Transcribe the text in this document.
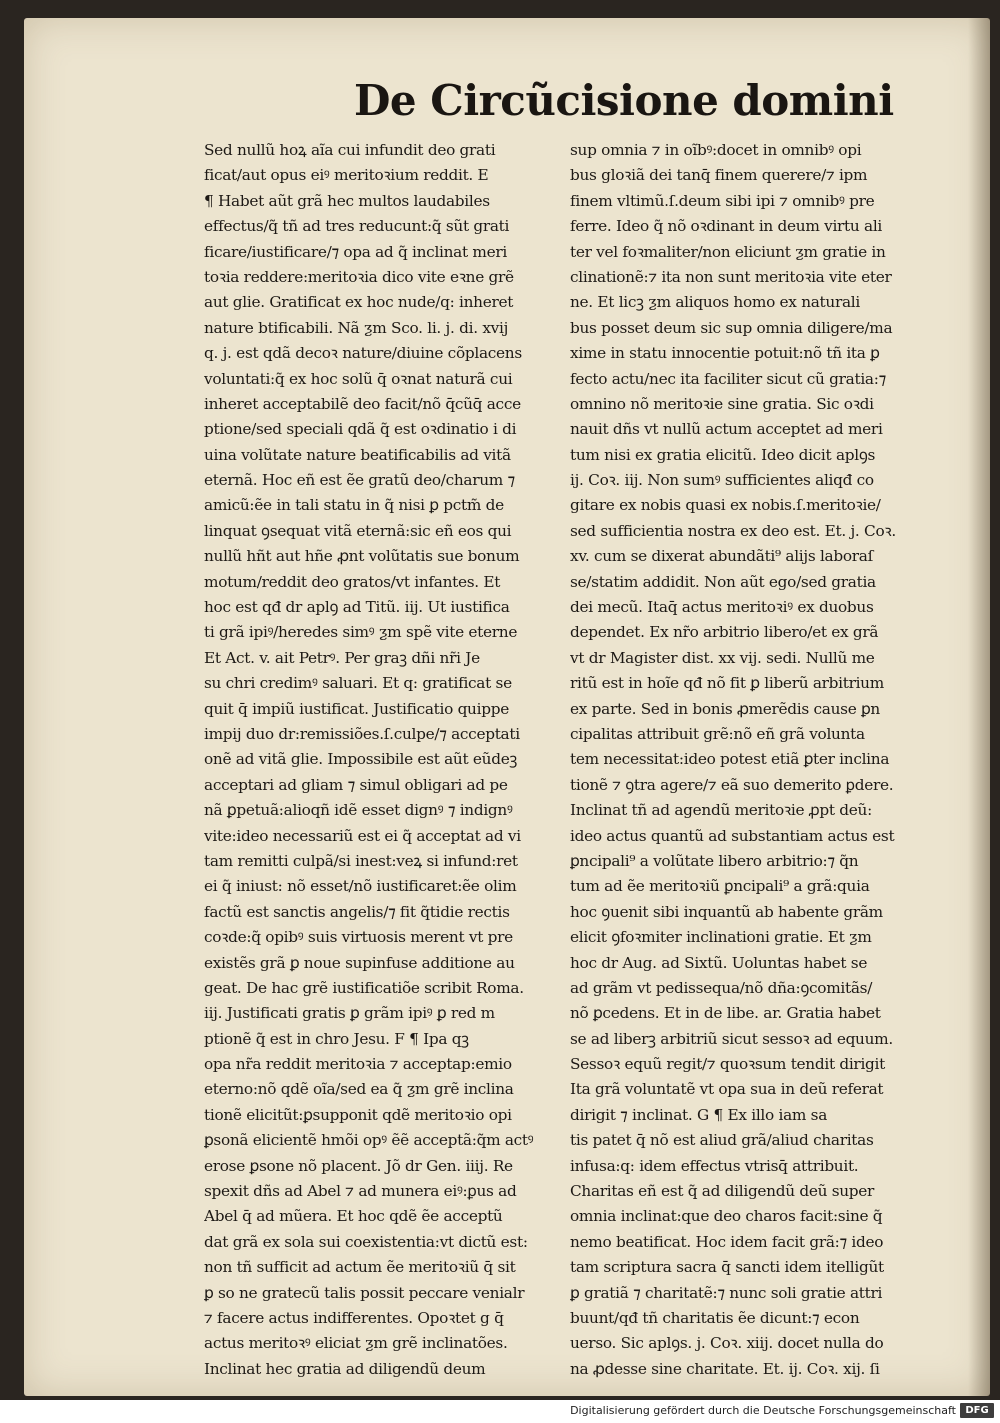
De Circũcisione domini
Sed nullũ hoꝝ aĩa cui infundit deo grati
ficat/aut opus eiꝰ meritoꝛium reddit. E
¶ Habet aũt grã hec multos laudabiles
effectus/q̃ tñ ad tres reducunt:q̃ sũt grati
ficare/iustificare/⁊ opa ad q̃ inclinat meri
toꝛia reddere:meritoꝛia dico vite eꝛne grẽ
aut glie. Gratificat ex hoc nude/q: inheret
nature btificabili. Nã ƺm Sco. li. j. di. xvij
q. j. est qdã decoꝛ nature/diuine cõplacens
voluntati:q̃ ex hoc solũ q̄ oꝛnat naturã cui
inheret acceptabilẽ deo facit/nõ q̄cũq̄ accе
ptione/sed speciali qdã q̃ est oꝛdinatio i di
uina volũtate nature beatificabilis ad vitã
eternã. Hoc eñ est ẽe gratũ deo/charum ⁊
amicũ:ẽe in tali statu in q̃ nisi ꝑ pctm̃ de
linquat ꝯsequat vitã eternã:sic eñ eos qui
nullũ hñt aut hñe ꝓnt volũtatis sue bonum
motum/reddit deo gratos/vt infantes. Et
hoc est qđ dr aplꝯ ad Titũ. iij. Ut iustifica
ti grã ipiꝰ/heredes simꝰ ƺm spẽ vite eterne
Et Act. v. ait Petrꝰ. Per graꝫ dñi nr̃i Je
su chri credimꝰ saluari. Et q: gratificat se
quit q̄ impiũ iustificat. Justificatio quippe
impij duo dr:remissiões.ſ.culpe/⁊ acceptati
onẽ ad vitã glie. Impossibile est aũt eũdeꝫ
acceptari ad gliam ⁊ simul obligari ad pe
nã ꝑpetuã:alioqñ idẽ esset dignꝰ ⁊ indignꝰ
vite:ideo necessariũ est ei q̃ acceptat ad vi
tam remitti culpã/si inest:veꝝ si infund:ret
ei q̃ iniust: nõ esset/nõ iustificaret:ẽe olim
factũ est sanctis angelis/⁊ fit q̃tidie rectis
coꝛde:q̃ opibꝰ suis virtuosis merent vt pre
existẽs grã ꝑ noue supinfuse additione au
geat. De hac grẽ iustificatiõe scribit Roma.
iij. Justificati gratis ꝑ grãm ipiꝰ ꝑ red m
ptionẽ q̃ est in chro Jesu. F ¶ Ipa qꝫ
opa nr̃a reddit meritoꝛia ⁊ acceptap:emio
eterno:nõ qdẽ oĩa/sed ea q̃ ƺm grẽ inclina
tionẽ elicitũt:ꝑsupponit qdẽ meritoꝛio opi
ꝑsonã elicientẽ hmõi opꝰ ẽẽ acceptã:q̃m actꝰ
erose ꝑsone nõ placent. Jõ dr Gen. iiij. Re
spexit dñs ad Abel ⁊ ad munera eiꝰ:ꝑus ad
Abel q̄ ad mũera. Et hoc qdẽ ẽe acceptũ
dat grã ex sola sui coexistentia:vt dictũ est:
non tñ sufficit ad actum ẽe meritoꝛiũ q̄ sit
ꝑ so ne gratecũ talis possit peccare venialr
⁊ facere actus indifferentes. Opoꝛtet g q̄
actus meritoꝛꝰ eliciat ƺm grẽ inclinatões.
Inclinat hec gratia ad diligendũ deum
sup omnia ⁊ in oĩbꝰ:docet in omnibꝰ opi
bus gloꝛiã dei tanq̄ finem querere/⁊ ipm
finem vltimũ.ſ.deum sibi ipi ⁊ omnibꝰ pre
ferre. Ideo q̃ nõ oꝛdinant in deum virtu ali
ter vel foꝛmaliter/non eliciunt ƺm gratie in
clinationẽ:⁊ ita non sunt meritoꝛia vite eter
ne. Et licꝫ ƺm aliquos homo ex naturali
bus posset deum sic sup omnia diligere/ma
xime in statu innocentie potuit:nõ tñ ita ꝑ
fecto actu/nec ita faciliter sicut cũ gratia:⁊
omnino nõ meritoꝛie sine gratia. Sic oꝛdi
nauit dñs vt nullũ actum acceptet ad meri
tum nisi ex gratia elicitũ. Ideo dicit aplꝯs
ij. Coꝛ. iij. Non sumꝰ sufficientes aliqđ co
gitare ex nobis quasi ex nobis.ſ.meritoꝛie/
sed sufficientia nostra ex deo est. Et. j. Coꝛ.
xv. cum se dixerat abundãti⁹ alijs laboraſ
se/statim addidit. Non aũt ego/sed gratia
dei mecũ. Itaq̄ actus meritoꝛiꝰ ex duobus
dependet. Ex nr̃o arbitrio libero/et ex grã
vt dr Magister dist. xx vij. sedi. Nullũ me
ritũ est in hoĩe qđ nõ fit ꝑ liberũ arbitrium
ex parte. Sed in bonis ꝓmerẽdis cause ꝑn
cipalitas attribuit grẽ:nõ eñ grã volunta
tem necessitat:ideo potest etiã ꝑter inclina
tionẽ ⁊ ꝯtra agere/⁊ eã suo demerito ꝑdere.
Inclinat tñ ad agendũ meritoꝛie ꝓpt deũ:
ideo actus quantũ ad substantiam actus est
ꝑncipali⁹ a volũtate libero arbitrio:⁊ q̃n
tum ad ẽe meritoꝛiũ ꝑncipali⁹ a grã:quia
hoc ꝯuenit sibi inquantũ ab habente grãm
elicit ꝯfoꝛmiter inclinationi gratie. Et ƺm
hoc dr Aug. ad Sixtũ. Uoluntas habet se
ad grãm vt pedissequa/nõ dña:ꝯcomitãs/
nõ ꝑcedens. Et in de libe. ar. Gratia habet
se ad liberꝫ arbitriũ sicut sessoꝛ ad equum.
Sessoꝛ equũ regit/⁊ quoꝛsum tendit dirigit
Ita grã voluntatẽ vt opa sua in deũ referat
dirigit ⁊ inclinat. G ¶ Ex illo iam sa
tis patet q̄ nõ est aliud grã/aliud charitas
infusa:q: idem effectus vtrisq̄ attribuit.
Charitas eñ est q̃ ad diligendũ deũ super
omnia inclinat:que deo charos facit:sine q̃
nemo beatificat. Hoc idem facit grã:⁊ ideo
tam scriptura sacra q̄ sancti idem itelligũt
ꝑ gratiã ⁊ charitatẽ:⁊ nunc soli gratie attri
buunt/qđ tñ charitatis ẽe dicunt:⁊ econ
uerso. Sic aplꝯs. j. Coꝛ. xiij. docet nulla do
na ꝓdesse sine charitate. Et. ij. Coꝛ. xij. ſi
Digitalisierung gefördert durch die Deutsche Forschungsgemeinschaft DFG
